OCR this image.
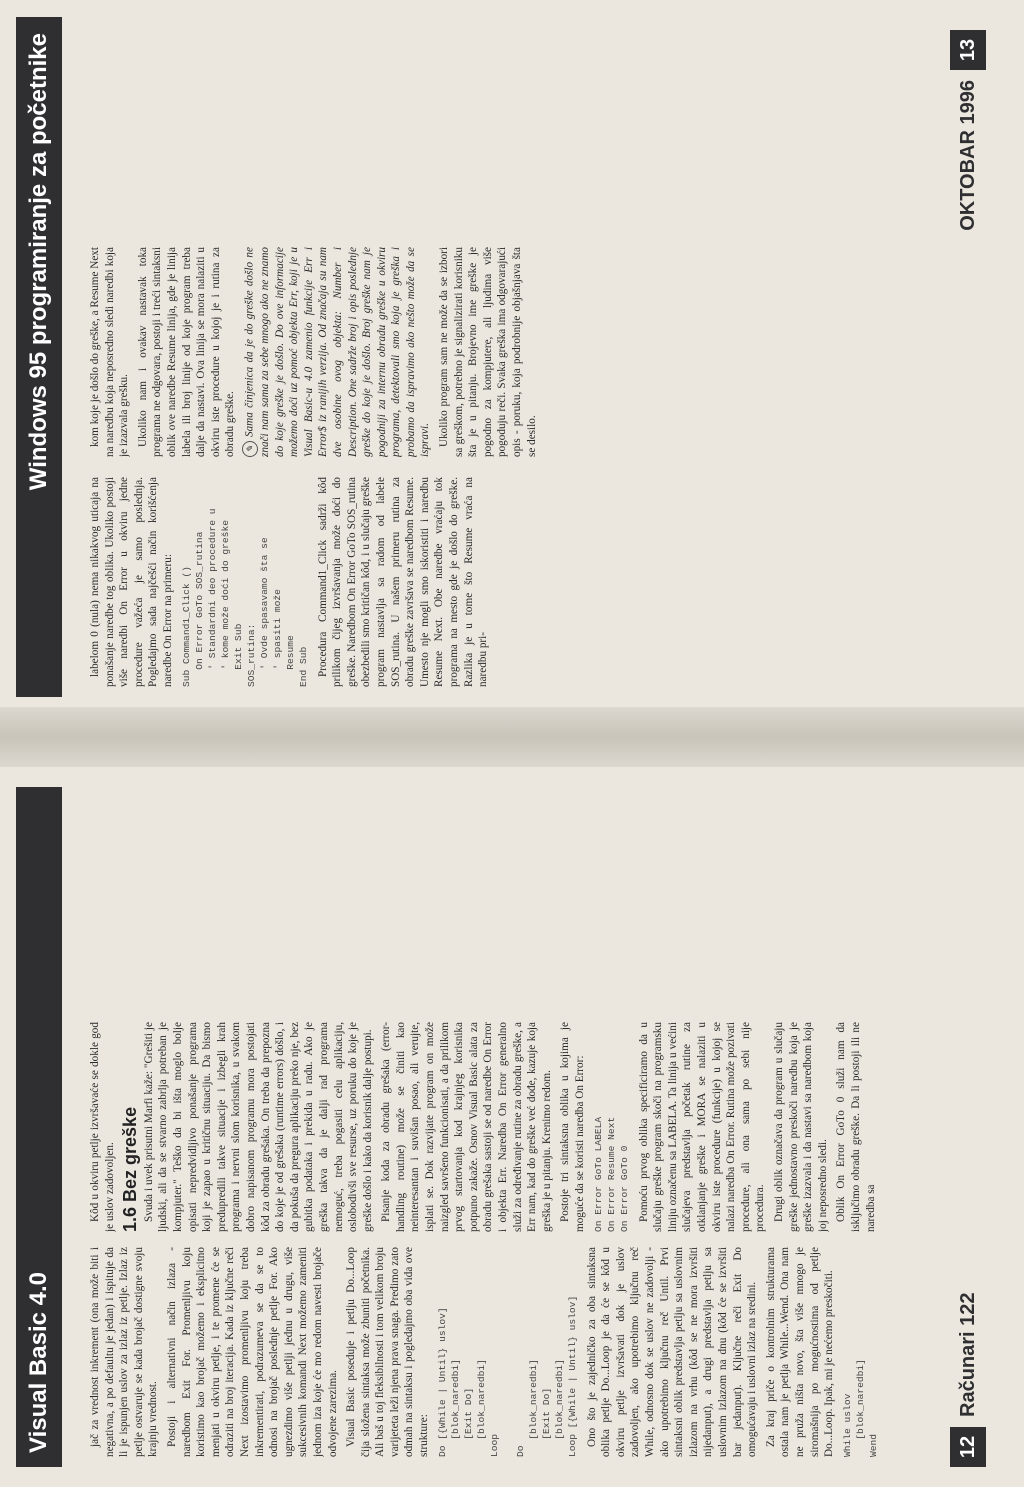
Visual Basic 4.0
Windows 95 programiranje za početnike

jač za vrednost inkrement (ona može biti i negativna, a po defaultu je jedan) i ispituje da li je ispunjen uslov za izlaz iz petlje. Izlaz iz petlje ostvaruje se kada brojač dostigne svoju krajnju vrednost. Postoji i alternativni način izlaza - naredbom Exit For. Promenljivu koju koristimo kao brojač možemo i eksplicitno menjati u okviru petlje, i te promene će se odraziti na broj iteracija. Kada iz ključne reči Next izostavimo promenljivu koju treba inkrementirati, podrazumeva se da se to odnosi na brojač poslednje petlje For. Ako ugnezdimo više petlji jednu u drugu, više sukcesivnih komandi Next možemo zameniti jednom iza koje će mo redom navesti brojače odvojene zarezima. Visual Basic poseduje i petlju Do...Loop čija složena sintaksa može zbuniti početnika. Ali baš u toj fleksibilnosti i tom velikom broju varijeteta leži njena prava snaga. Predimo zato odmah na sintaksu i pogledajmo oba vida ove strukture: Do [{While | Until} uslov]
[blok_naredbi]
[Exit Do]
[blok_naredbi]
Loop

Do
[blok_naredbi]
[Exit Do]
[blok_naredbi]
Loop [{While | Until} uslov] Ono što je zajedničko za oba sintaksna oblika petlje Do...Loop je da će se kôd u okviru petlje izvršavati dok je uslov zadovoljen, ako upotrebimo ključnu reč While, odnosno dok se uslov ne zadovolji - ako upotrebimo ključnu reč Until. Prvi sintaksni oblik predstavlja petlju sa uslovnim izlazom na vrhu (kôd se ne mora izvršiti nijedanput), a drugi predstavlja petlju sa uslovnim izlazom na dnu (kôd će se izvršiti bar jedanput). Ključne reči Exit Do omogućavaju i uslovni izlaz na sredini. Za kraj priče o kontrolnim strukturama ostala nam je petlja While...Wend. Ona nam ne pruža ništa novo, šta više mnogo je siromašnija po mogućnostima od petlje Do...Loop. Ipak, mi je nećemo preskočiti. While uslov
[blok_naredbi]
Wend

Kôd u okviru petlje izvršavaće se dokle god je uslov zadovoljen. 1.6 Bez greške Svuda i uvek prisutni Marfi kaže: "Grešiti je ljudski, ali da se stvarno zabrlja potreban je kompjuter." Teško da bi išta moglo bolje opisati nepredvidljivo ponašanje programa koji je zapao u kritičnu situaciju. Da bismo predupredili takve situacije i izbegli krah programa i nervni slom korisnika, u svakom dobro napisanom programu mora postojati kôd za obradu grešaka. On treba da prepozna do koje je od grešaka (runtime errors) došlo, i da pokuša da pregura aplikaciju preko nje, bez gubitka podataka i prekida u radu. Ako je greška takva da je dalji rad programa nemoguć, treba pogasiti celu aplikaciju, oslobodivši sve resurse, uz poruku do koje je greške došlo i kako da korisnik dalje postupi. Pisanje koda za obradu grešaka (error-handling routine) može se činiti kao neinteresantan i suvišan posao, ali verujte, isplati se. Dok razvijate program on može naizgled savršeno funkcionisati, a da prilikom prvog startovanja kod krajnjeg korisnika potpuno zakaže. Osnov Visual Basic alata za obradu grešaka sastoji se od naredbe On Error i objekta Err. Naredba On Error generalno služi za određivanje rutine za obradu greške, a Err nam, kad do greške već dođe, kazuje koja greška je u pitanju. Krenimo redom. Postoje tri sintaksna oblika u kojima je moguće da se koristi naredba On Error: On Error GoTo LABELA
On Error Resume Next
On Error GoTo 0 Pomoću prvog oblika specificiramo da u slučaju greške program skoči na programsku liniju označenu sa LABELA. Ta linija u većini slučajeva predstavlja početak rutine za otklanjanje greške i MORA se nalaziti u okviru iste procedure (funkcije) u kojoj se nalazi naredba On Error. Rutina može pozivati procedure, ali ona sama po sebi nije procedura. Drugi oblik označava da program u slučaju greške jednostavno preskoči naredbu koja je greške izazvala i da nastavi sa naredbom koja joj neposredno sledi. Oblik On Error GoTo 0 služi nam da isključimo obradu greške. Da li postoji ili ne naredba sa

labelom 0 (nula) nema nikakvog uticaja na ponašanje naredbe tog oblika. Ukoliko postoji više naredbi On Error u okviru jedne procedure važeća je samo poslednja. Pogledajmo sada najčešći način korišćenja naredbe On Error na primeru: Sub Command1_Click ()
On Error GoTo SOS_rutina
' Standardni deo procedure u
' kome može doći do greške
Exit Sub
SOS_rutina:
' Ovde spasavamo šta se
' spasiti može
Resume
End Sub Procedura Command1_Click sadrži kôd prilikom čijeg izvršavanja može doći do greške. Naredbom On Error GoTo SOS_rutina obezbedili smo kritičan kôd, i u slučaju greške program nastavlja sa radom od labele SOS_rutina. U našem primeru rutina za obradu greške završava se naredbom Resume. Umesto nje mogli smo iskoristiti i naredbu Resume Next. Obe naredbe vraćaju tok programa na mesto gde je došlo do greške. Razlika je u tome što Resume vraća na naredbu pri-

kom koje je došlo do greške, a Resume Next na naredbu koja neposredno sledi naredbi koja je izazvala grešku. Ukoliko nam i ovakav nastavak toka programa ne odgovara, postoji i treći sintaksni oblik ove naredbe Resume linija, gde je linija labela ili broj linije od koje program treba dalje da nastavi. Ova linija se mora nalaziti u okviru iste procedure u kojoj je i rutina za obradu greške. ✎Sama činjenica da je do greške došlo ne znači nam sama za sebe mnogo ako ne znamo do koje greške je došlo. Do ove informacije možemo doći uz pomoć objekta Err, koji je u Visual Basic-u 4.0 zamenio funkcije Err i Error$ iz ranijih verzija. Od značaja su nam dve osobine ovog objekta: Number i Description. One sadrže broj i opis poslednje greške do koje je došlo. Broj greške nam je pogodniji za internu obradu greške u okviru programa, detektovali smo koja je greška i probamo da ispravimo ako nešto može da se ispravi. Ukoliko program sam ne može da se izbori sa greškom, potrebno je signalizirati korisniku šta je u pitanju. Brojevno ime greške je pogodno za kompjutere, ali ljudima više pogoduju reči. Svaka greška ima odgovarajući opis - poruku, koja podrobnije objašnjava šta se desilo.

12Računari 122
OKTOBAR 199613
